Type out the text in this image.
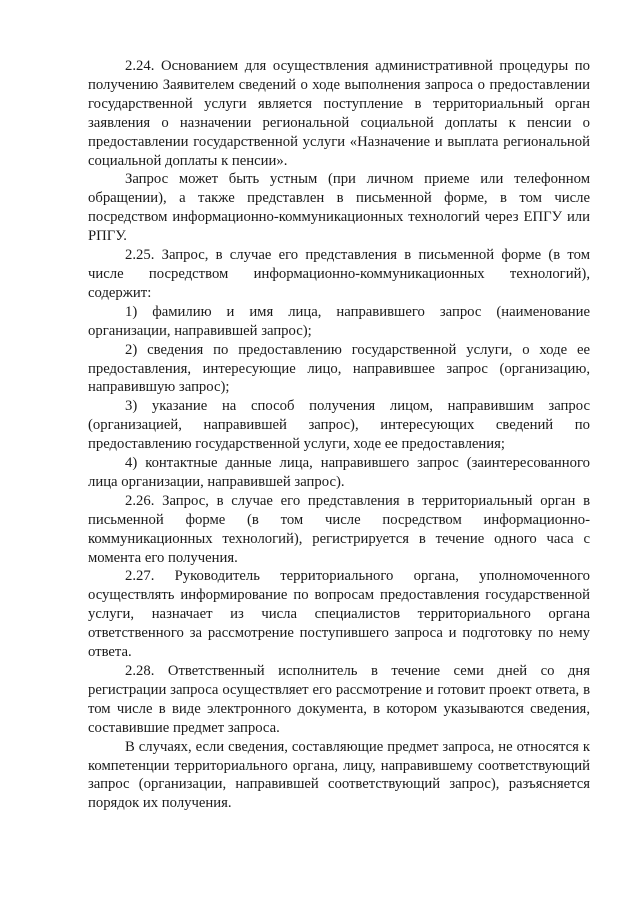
2.24. Основанием для осуществления административной процедуры по получению Заявителем сведений о ходе выполнения запроса о предоставлении государственной услуги является поступление в территориальный орган заявления о назначении региональной социальной доплаты к пенсии о предоставлении государственной услуги «Назначение и выплата региональной социальной доплаты к пенсии».

Запрос может быть устным (при личном приеме или телефонном обращении), а также представлен в письменной форме, в том числе посредством информационно-коммуникационных технологий через ЕПГУ или РПГУ.

2.25. Запрос, в случае его представления в письменной форме (в том числе посредством информационно-коммуникационных технологий), содержит:

1) фамилию и имя лица, направившего запрос (наименование организации, направившей запрос);

2) сведения по предоставлению государственной услуги, о ходе ее предоставления, интересующие лицо, направившее запрос (организацию, направившую запрос);

3) указание на способ получения лицом, направившим запрос (организацией, направившей запрос), интересующих сведений по предоставлению государственной услуги, ходе ее предоставления;

4) контактные данные лица, направившего запрос (заинтересованного лица организации, направившей запрос).

2.26. Запрос, в случае его представления в территориальный орган в письменной форме (в том числе посредством информационно-коммуникационных технологий), регистрируется в течение одного часа с момента его получения.

2.27. Руководитель территориального органа, уполномоченного осуществлять информирование по вопросам предоставления государственной услуги, назначает из числа специалистов территориального органа ответственного за рассмотрение поступившего запроса и подготовку по нему ответа.

2.28. Ответственный исполнитель в течение семи дней со дня регистрации запроса осуществляет его рассмотрение и готовит проект ответа, в том числе в виде электронного документа, в котором указываются сведения, составившие предмет запроса.

В случаях, если сведения, составляющие предмет запроса, не относятся к компетенции территориального органа, лицу, направившему соответствующий запрос (организации, направившей соответствующий запрос), разъясняется порядок их получения.
